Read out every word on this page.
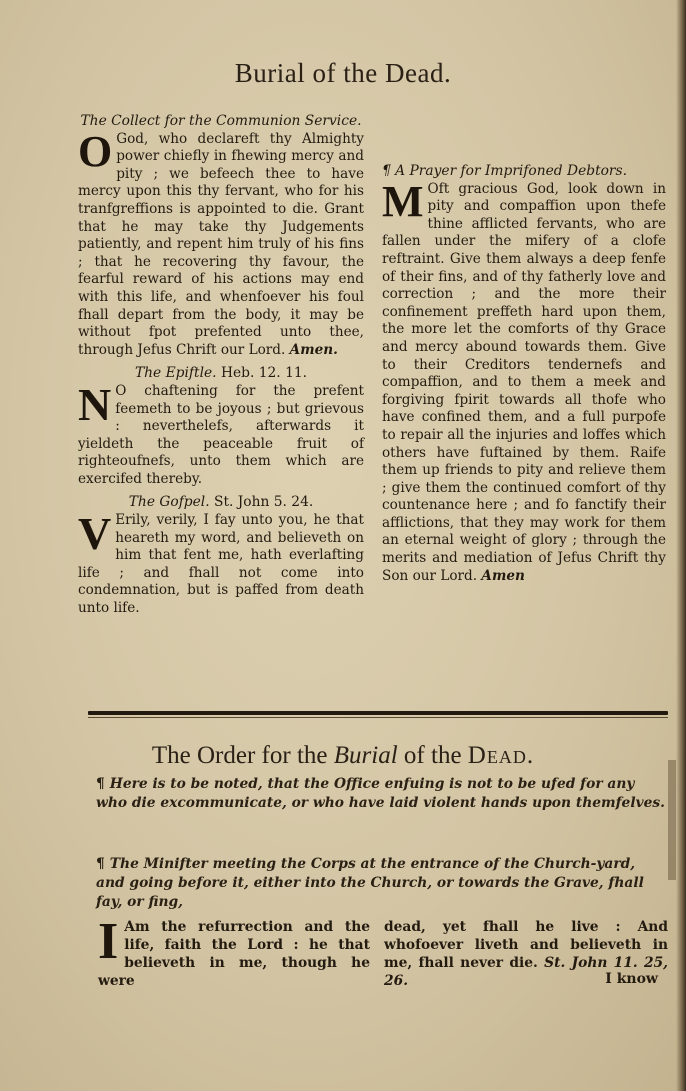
Burial of the Dead.

The Collect for the Communion Service.

O God, who declareft thy Almighty power chiefly in fhewing mercy and pity ; we befeech thee to have mercy upon this thy fervant, who for his tranfgreffions is appointed to die. Grant that he may take thy Judgements patiently, and repent him truly of his fins ; that he recovering thy favour, the fearful reward of his actions may end with this life, and whenfoever his foul fhall depart from the body, it may be without fpot prefented unto thee, through Jefus Chrift our Lord. Amen.

The Epiftle. Heb. 12. 11.

N O chaftening for the prefent feemeth to be joyous ; but grievous : neverthelefs, afterwards it yieldeth the peaceable fruit of righteoufnefs, unto them which are exercifed thereby.

The Gofpel. St. John 5. 24.

V Erily, verily, I fay unto you, he that heareth my word, and believeth on him that fent me, hath everlafting life ; and fhall not come into condemnation, but is paffed from death unto life.

¶ A Prayer for Imprifoned Debtors.

M Oft gracious God, look down in pity and compaffion upon thefe thine afflicted fervants, who are fallen under the mifery of a clofe reftraint. Give them always a deep fenfe of their fins, and of thy fatherly love and correction ; and the more their confinement preffeth hard upon them, the more let the comforts of thy Grace and mercy abound towards them. Give to their Creditors tendernefs and compaffion, and to them a meek and forgiving fpirit towards all thofe who have confined them, and a full purpofe to repair all the injuries and loffes which others have fuftained by them. Raife them up friends to pity and relieve them ; give them the continued comfort of thy countenance here ; and fo fanctify their afflictions, that they may work for them an eternal weight of glory ; through the merits and mediation of Jefus Chrift thy Son our Lord. Amen

The Order for the Burial of the Dead.
¶ Here is to be noted, that the Office enfuing is not to be ufed for any who die excommunicate, or who have laid violent hands upon themfelves.
¶ The Minifter meeting the Corps at the entrance of the Church-yard, and going before it, either into the Church, or towards the Grave, fhall fay, or fing,
I Am the refurrection and the life, faith the Lord : he that believeth in me, though he were
dead, yet fhall he live : And whofoever liveth and believeth in me, fhall never die. St. John 11. 25, 26.	I know
